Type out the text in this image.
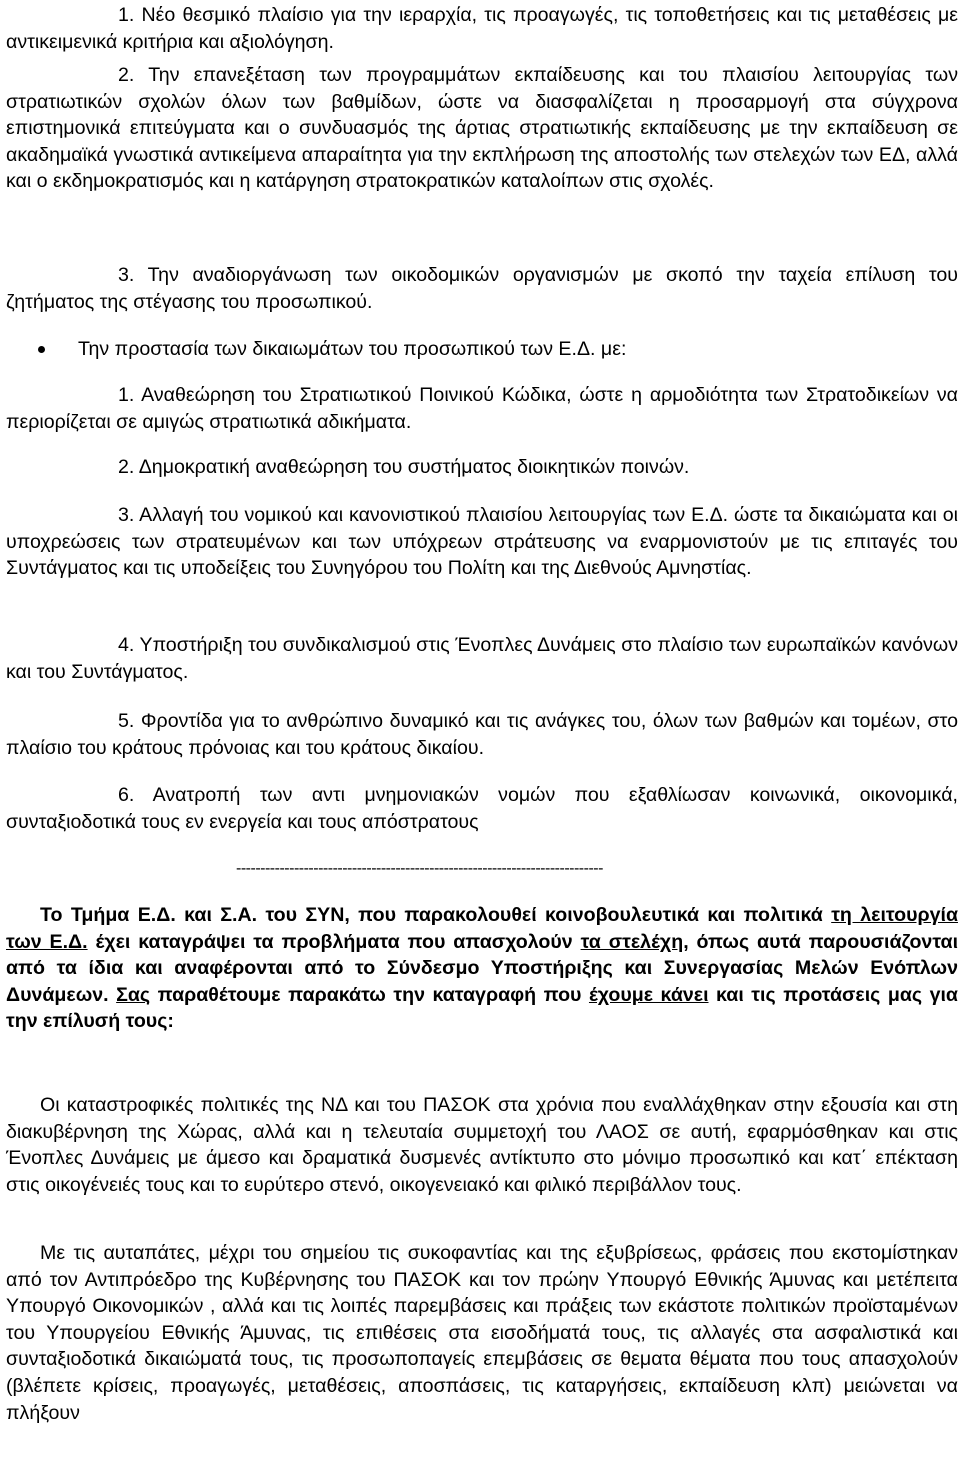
1. Νέο θεσμικό πλαίσιο για την ιεραρχία, τις προαγωγές, τις τοποθετήσεις και τις μεταθέσεις με αντικειμενικά κριτήρια και αξιολόγηση.

2. Την επανεξέταση των προγραμμάτων εκπαίδευσης και του πλαισίου λειτουργίας των στρατιωτικών σχολών όλων των βαθμίδων, ώστε να διασφαλίζεται η προσαρμογή στα σύγχρονα επιστημονικά επιτεύγματα και ο συνδυασμός της άρτιας στρατιωτικής εκπαίδευσης με την εκπαίδευση σε ακαδημαϊκά γνωστικά αντικείμενα απαραίτητα για την εκπλήρωση της αποστολής των στελεχών των ΕΔ, αλλά και ο εκδημοκρατισμός και η κατάργηση στρατοκρατικών καταλοίπων στις σχολές.

3. Την αναδιοργάνωση των οικοδομικών οργανισμών με σκοπό την ταχεία επίλυση του ζητήματος της στέγασης του προσωπικού.

Την προστασία των δικαιωμάτων του προσωπικού των Ε.Δ. με:

1. Αναθεώρηση του Στρατιωτικού Ποινικού Κώδικα, ώστε η αρμοδιότητα των Στρατοδικείων να περιορίζεται σε αμιγώς στρατιωτικά αδικήματα.

2. Δημοκρατική αναθεώρηση του συστήματος διοικητικών ποινών.

3. Αλλαγή του νομικού και κανονιστικού πλαισίου λειτουργίας των Ε.Δ. ώστε τα δικαιώματα και οι υποχρεώσεις των στρατευμένων και των υπόχρεων στράτευσης να εναρμονιστούν με τις επιταγές του Συντάγματος και τις υποδείξεις του Συνηγόρου του Πολίτη και της Διεθνούς Αμνηστίας.

4. Υποστήριξη του συνδικαλισμού στις Ένοπλες Δυνάμεις στο πλαίσιο των ευρωπαϊκών κανόνων και του Συντάγματος.

5. Φροντίδα για το ανθρώπινο δυναμικό και τις ανάγκες του, όλων των βαθμών και τομέων, στο πλαίσιο του κράτους πρόνοιας και του κράτους δικαίου.

6. Ανατροπή των αντι μνημονιακών νομών που εξαθλίωσαν κοινωνικά, οικονομικά, συνταξιοδοτικά τους εν ενεργεία και τους απόστρατους

----------------------------------------------------------------------------

Το Τμήμα Ε.Δ. και Σ.Α. του ΣΥΝ, που παρακολουθεί κοινοβουλευτικά και πολιτικά τη λειτουργία των Ε.Δ. έχει καταγράψει τα προβλήματα που απασχολούν τα στελέχη, όπως αυτά παρουσιάζονται από τα ίδια και αναφέρονται από το Σύνδεσμο Υποστήριξης και Συνεργασίας Μελών Ενόπλων Δυνάμεων. Σας παραθέτουμε παρακάτω την καταγραφή που έχουμε κάνει και τις προτάσεις μας για την επίλυσή τους:

Οι καταστροφικές πολιτικές της ΝΔ και του ΠΑΣΟΚ στα χρόνια που εναλλάχθηκαν στην εξουσία και στη διακυβέρνηση της Χώρας, αλλά και η τελευταία συμμετοχή του ΛΑΟΣ σε αυτή, εφαρμόσθηκαν και στις Ένοπλες Δυνάμεις με άμεσο και δραματικά δυσμενές αντίκτυπο στο μόνιμο προσωπικό και κατ΄ επέκταση στις οικογένειές τους και το ευρύτερο στενό, οικογενειακό και φιλικό περιβάλλον τους.

Με τις αυταπάτες, μέχρι του σημείου τις συκοφαντίας και της εξυβρίσεως, φράσεις που εκστομίστηκαν από τον Αντιπρόεδρο της Κυβέρνησης του ΠΑΣΟΚ και τον πρώην Υπουργό Εθνικής Άμυνας και μετέπειτα Υπουργό Οικονομικών , αλλά και τις λοιπές παρεμβάσεις και πράξεις των εκάστοτε πολιτικών προϊσταμένων του Υπουργείου Εθνικής Άμυνας, τις επιθέσεις στα εισοδήματά τους, τις αλλαγές στα ασφαλιστικά και συνταξιοδοτικά δικαιώματά τους, τις προσωποπαγείς επεμβάσεις σε θεματα θέματα που τους απασχολούν (βλέπετε κρίσεις, προαγωγές, μεταθέσεις, αποσπάσεις, τις καταργήσεις, εκπαίδευση κλπ) μειώνεται να πλήξουν
